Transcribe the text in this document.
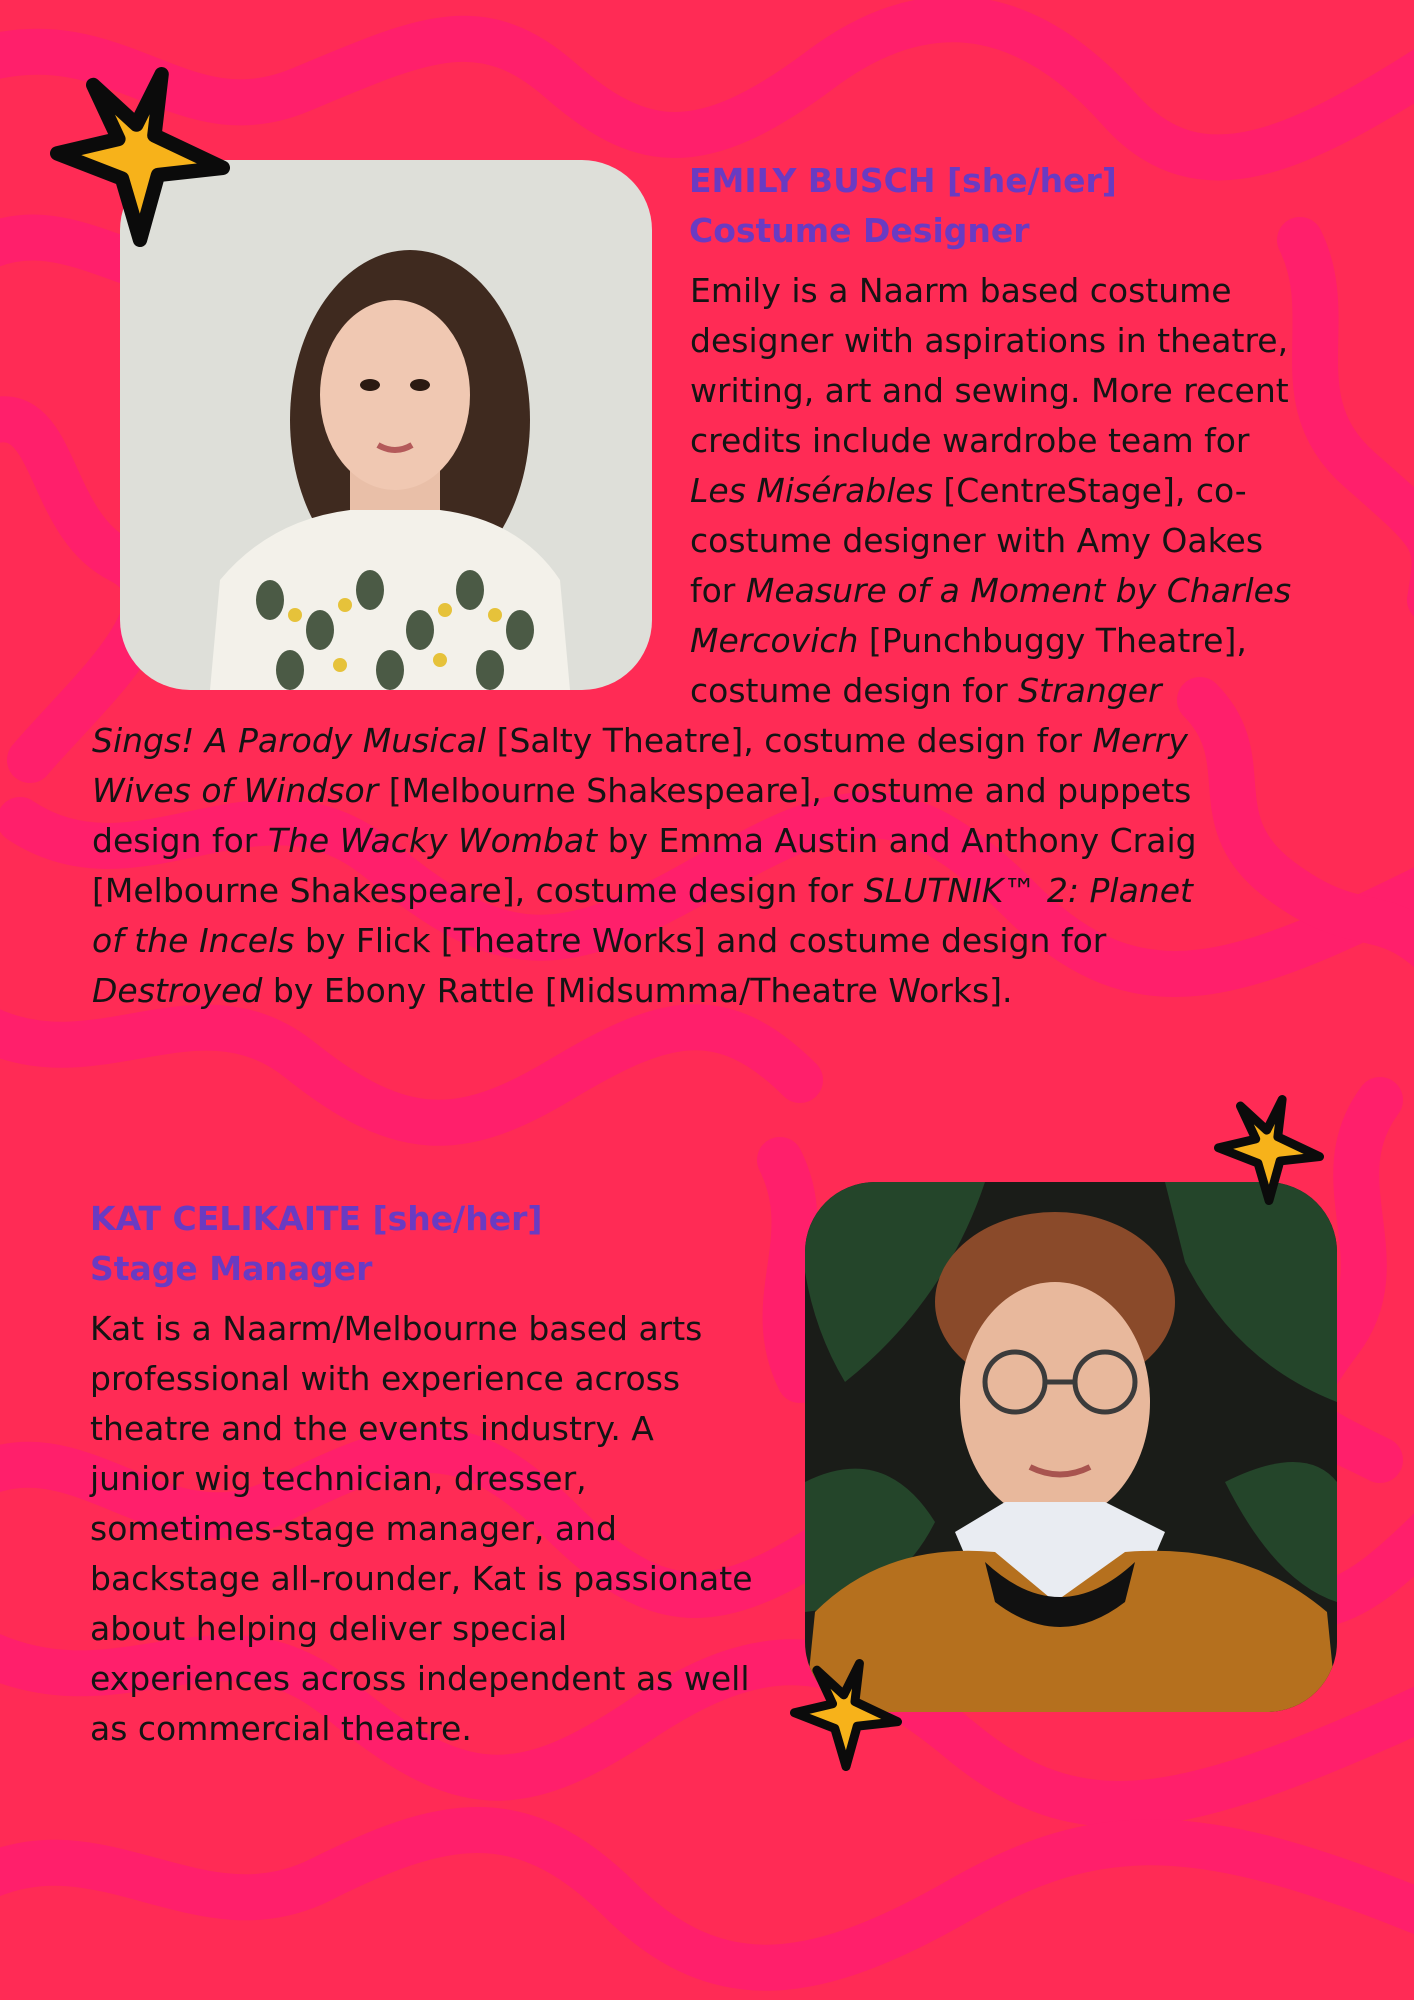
EMILY BUSCH [she/her]
Costume Designer

Emily is a Naarm based costume
designer with aspirations in theatre,
writing, art and sewing. More recent
credits include wardrobe team for
Les Misérables [CentreStage], co-
costume designer with Amy Oakes
for Measure of a Moment by Charles
Mercovich [Punchbuggy Theatre],
costume design for Stranger

Sings! A Parody Musical [Salty Theatre], costume design for Merry
Wives of Windsor [Melbourne Shakespeare], costume and puppets
design for The Wacky Wombat by Emma Austin and Anthony Craig
[Melbourne Shakespeare], costume design for SLUTNIK™ 2: Planet
of the Incels by Flick [Theatre Works] and costume design for
Destroyed by Ebony Rattle [Midsumma/Theatre Works].

KAT CELIKAITE [she/her]
Stage Manager

Kat is a Naarm/Melbourne based arts
professional with experience across
theatre and the events industry. A
junior wig technician, dresser,
sometimes-stage manager, and
backstage all-rounder, Kat is passionate
about helping deliver special
experiences across independent as well
as commercial theatre.
